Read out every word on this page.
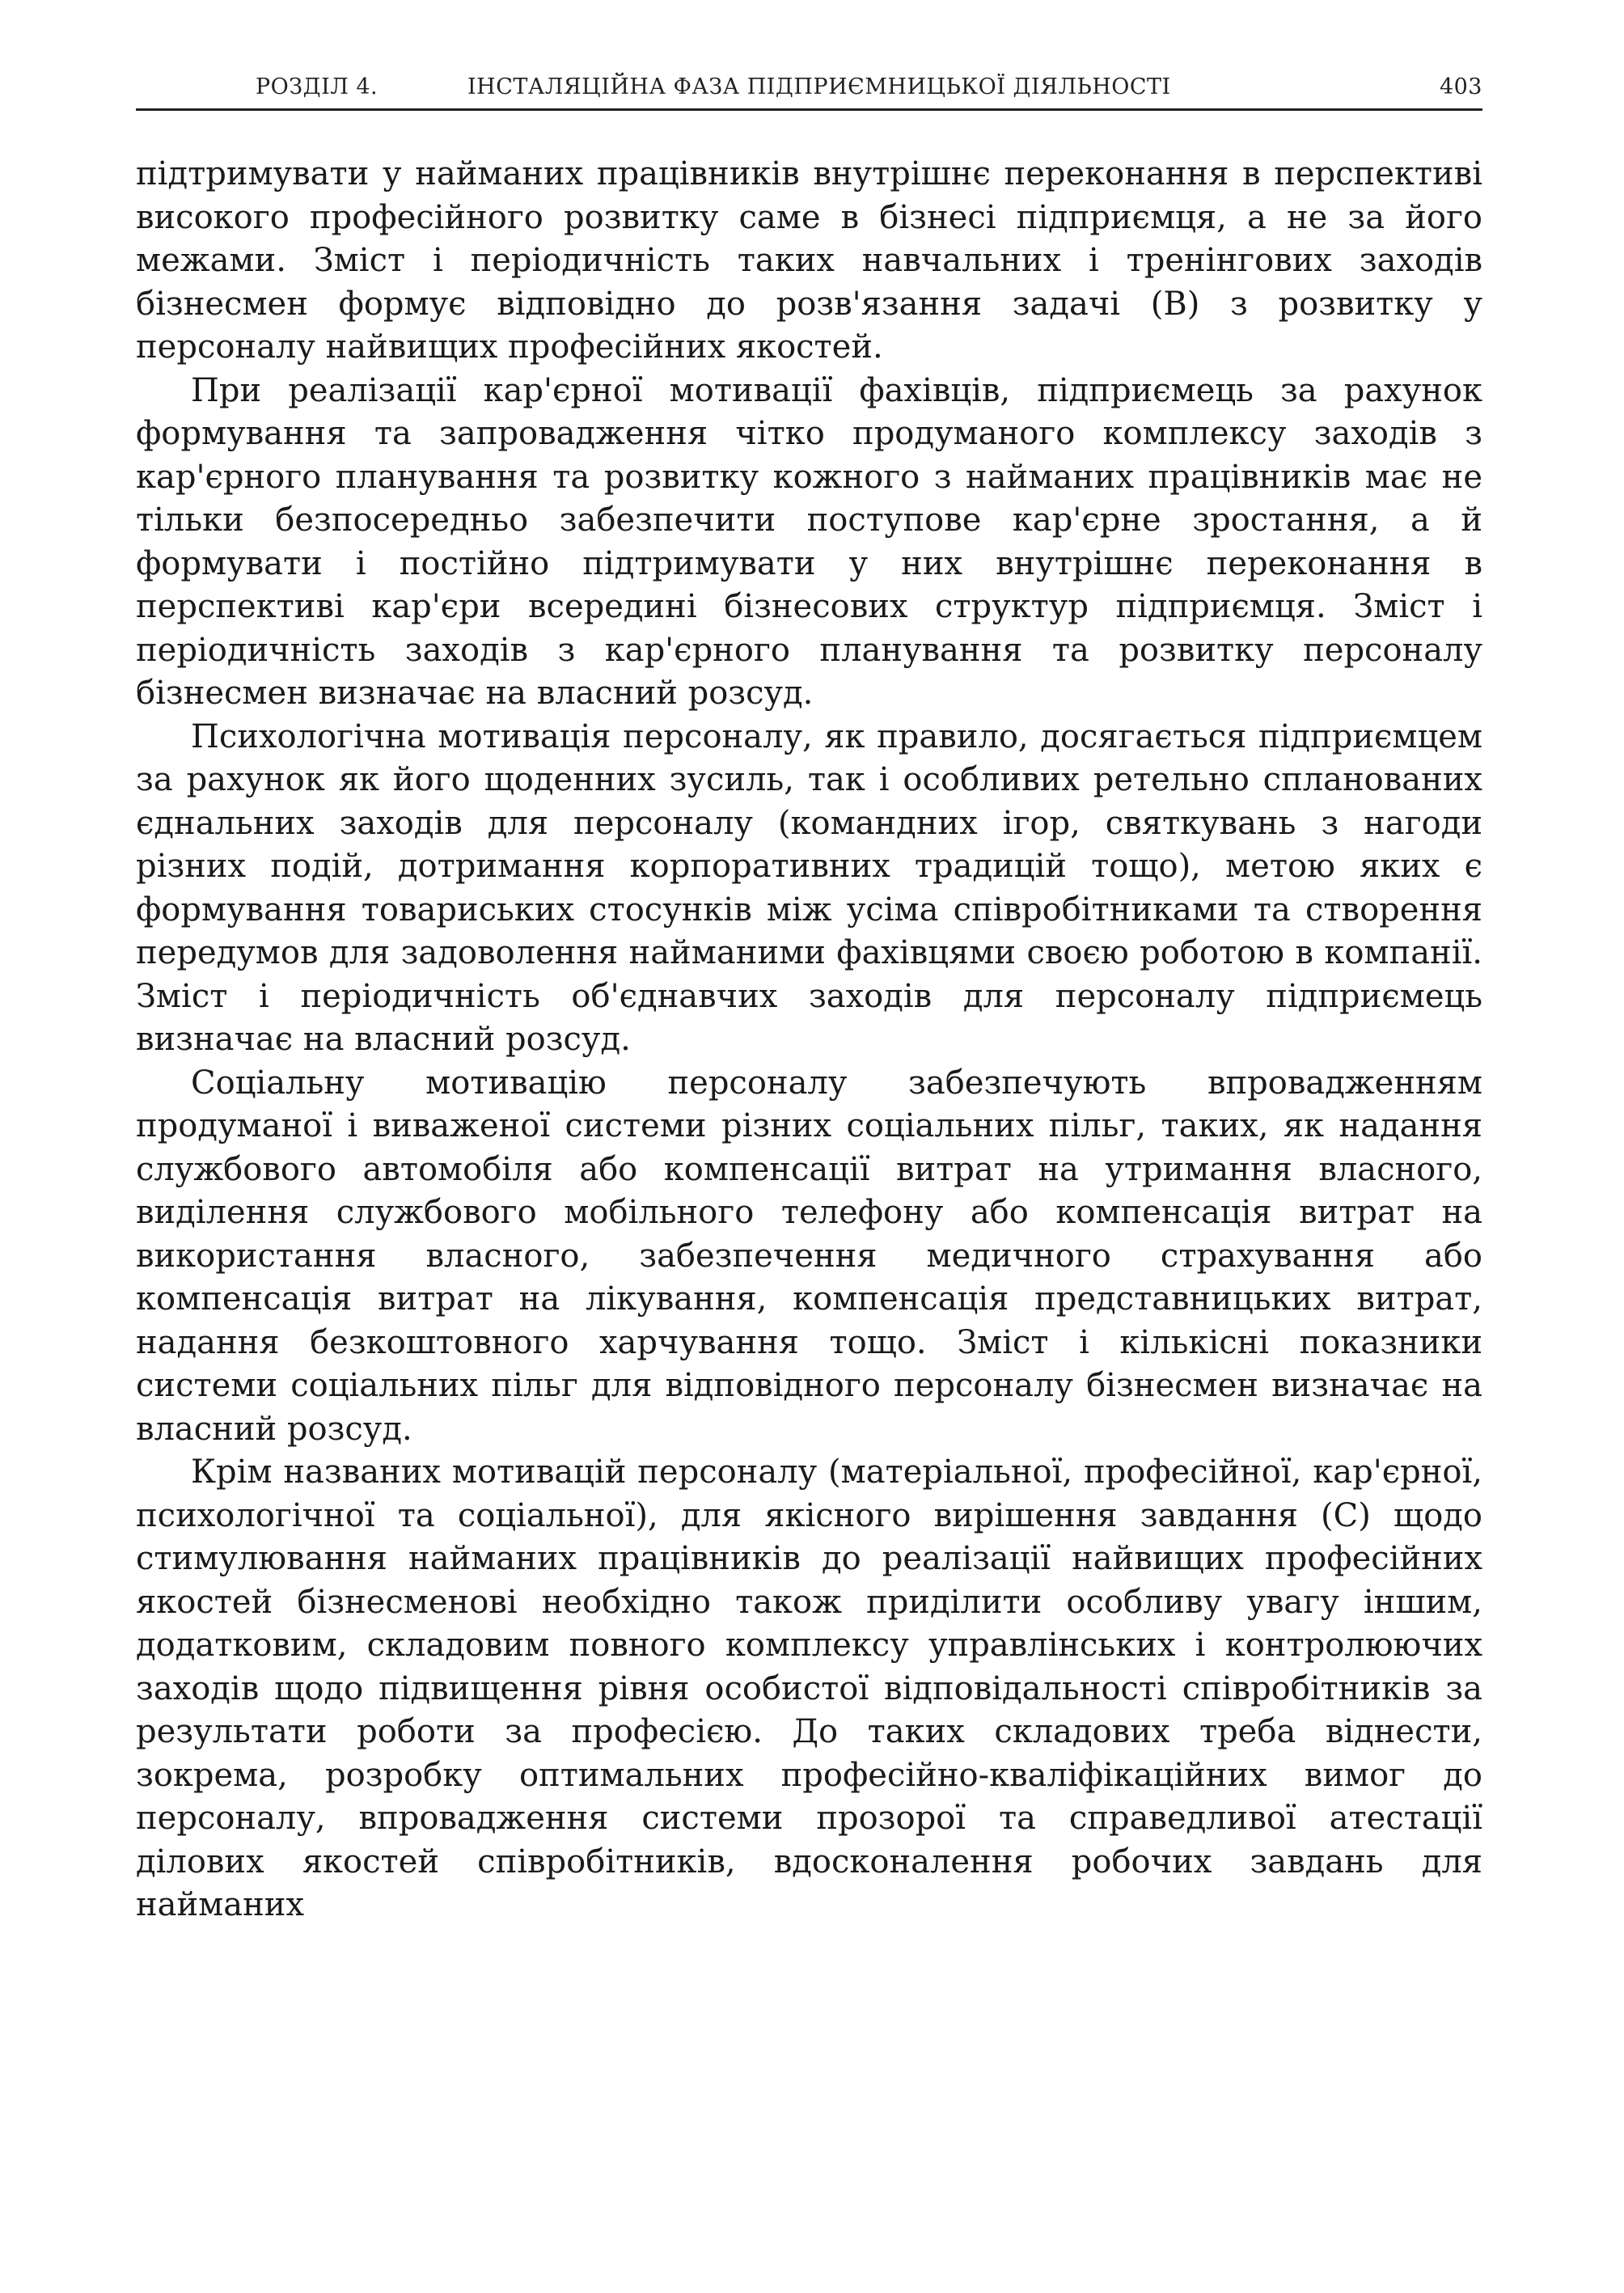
РОЗДІЛ 4.	ІНСТАЛЯЦІЙНА ФАЗА ПІДПРИЄМНИЦЬКОЇ ДІЯЛЬНОСТІ	403

підтримувати у найманих працівників внутрішнє переконання в перспективі високого професійного розвитку саме в бізнесі підприємця, а не за його межами. Зміст і періодичність таких навчальних і тренінгових заходів бізнесмен формує відповідно до розв'язання задачі (В) з розвитку у персоналу найвищих професійних якостей.

При реалізації кар'єрної мотивації фахівців, підприємець за рахунок формування та запровадження чітко продуманого комплексу заходів з кар'єрного планування та розвитку кожного з найманих працівників має не тільки безпосередньо забезпечити поступове кар'єрне зростання, а й формувати і постійно підтримувати у них внутрішнє переконання в перспективі кар'єри всередині бізнесових структур підприємця. Зміст і періодичність заходів з кар'єрного планування та розвитку персоналу бізнесмен визначає на власний розсуд.

Психологічна мотивація персоналу, як правило, досягається підприємцем за рахунок як його щоденних зусиль, так і особливих ретельно спланованих єднальних заходів для персоналу (командних ігор, святкувань з нагоди різних подій, дотримання корпоративних традицій тощо), метою яких є формування товариських стосунків між усіма співробітниками та створення передумов для задоволення найманими фахівцями своєю роботою в компанії. Зміст і періодичність об'єднавчих заходів для персоналу підприємець визначає на власний розсуд.

Соціальну мотивацію персоналу забезпечують впровадженням продуманої і виваженої системи різних соціальних пільг, таких, як надання службового автомобіля або компенсації витрат на утримання власного, виділення службового мобільного телефону або компенсація витрат на використання власного, забезпечення медичного страхування або компенсація витрат на лікування, компенсація представницьких витрат, надання безкоштовного харчування тощо. Зміст і кількісні показники системи соціальних пільг для відповідного персоналу бізнесмен визначає на власний розсуд.

Крім названих мотивацій персоналу (матеріальної, професійної, кар'єрної, психологічної та соціальної), для якісного вирішення завдання (С) щодо стимулювання найманих працівників до реалізації найвищих професійних якостей бізнесменові необхідно також приділити особливу увагу іншим, додатковим, складовим повного комплексу управлінських і контролюючих заходів щодо підвищення рівня особистої відповідальності співробітників за результати роботи за професією. До таких складових треба віднести, зокрема, розробку оптимальних професійно-кваліфікаційних вимог до персоналу, впровадження системи прозорої та справедливої атестації ділових якостей співробітників, вдосконалення робочих завдань для найманих
